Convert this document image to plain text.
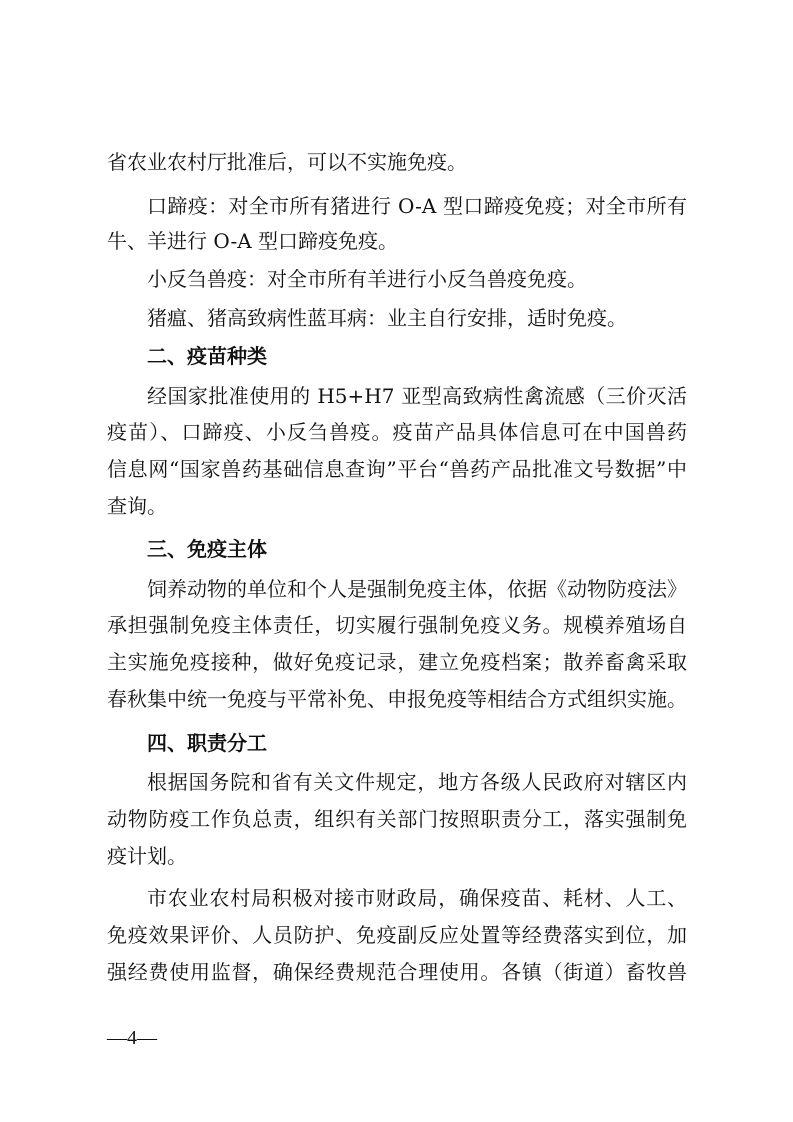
省农业农村厅批准后，可以不实施免疫。

口蹄疫：对全市所有猪进行 O-A 型口蹄疫免疫；对全市所有

牛、羊进行 O-A 型口蹄疫免疫。

小反刍兽疫：对全市所有羊进行小反刍兽疫免疫。

猪瘟、猪高致病性蓝耳病：业主自行安排，适时免疫。

二、疫苗种类

经国家批准使用的 H5+H7 亚型高致病性禽流感（三价灭活

疫苗）、口蹄疫、小反刍兽疫。疫苗产品具体信息可在中国兽药

信息网“国家兽药基础信息查询”平台“兽药产品批准文号数据”中

查询。

三、免疫主体

饲养动物的单位和个人是强制免疫主体，依据《动物防疫法》

承担强制免疫主体责任，切实履行强制免疫义务。规模养殖场自

主实施免疫接种，做好免疫记录，建立免疫档案；散养畜禽采取

春秋集中统一免疫与平常补免、申报免疫等相结合方式组织实施。

四、职责分工

根据国务院和省有关文件规定，地方各级人民政府对辖区内

动物防疫工作负总责，组织有关部门按照职责分工，落实强制免

疫计划。

市农业农村局积极对接市财政局，确保疫苗、耗材、人工、

免疫效果评价、人员防护、免疫副反应处置等经费落实到位，加

强经费使用监督，确保经费规范合理使用。各镇（街道）畜牧兽

—4—
